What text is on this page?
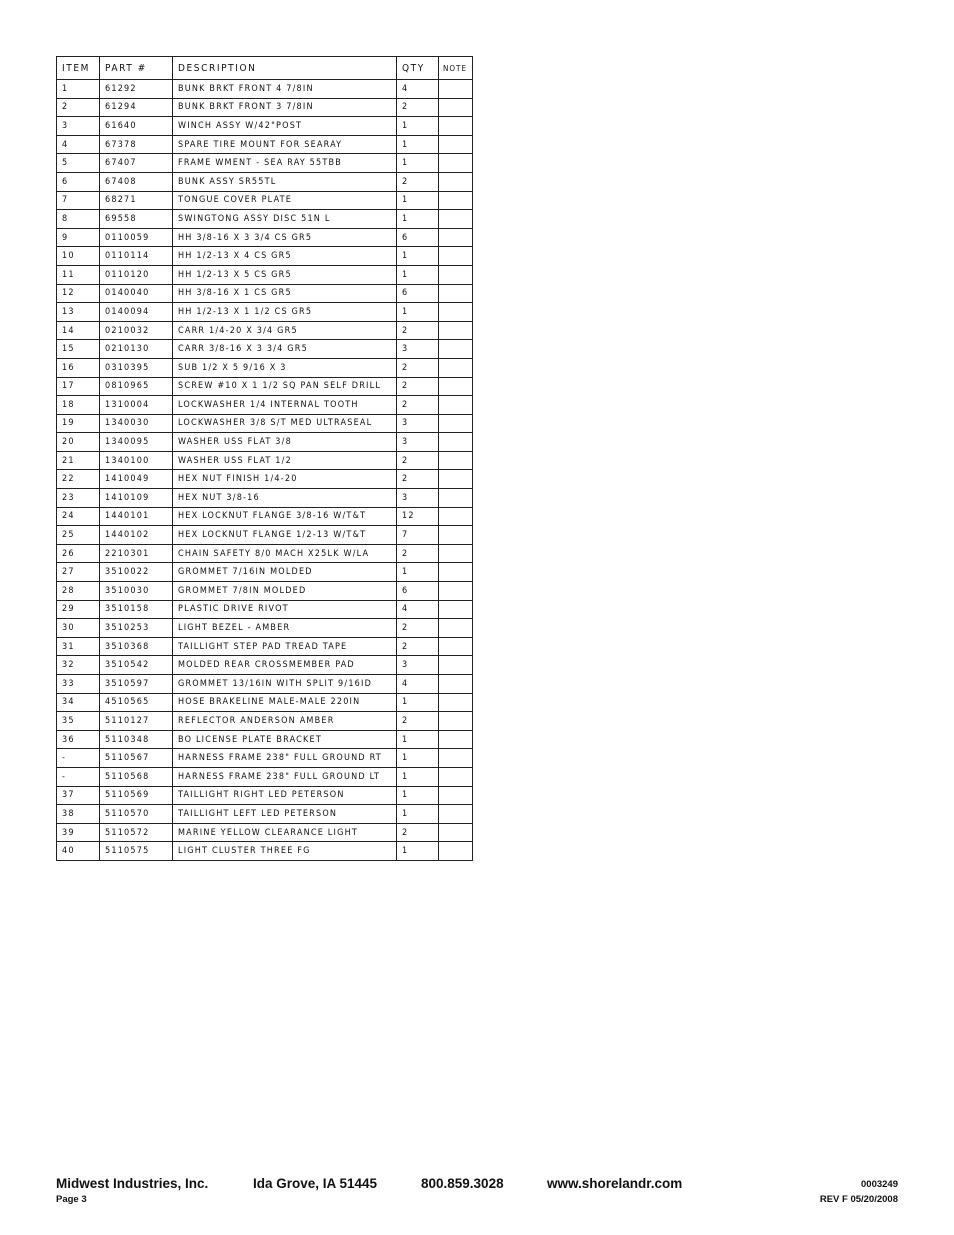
ITEM	PART #	DESCRIPTION	QTY	NOTE
1	61292	BUNK BRKT FRONT 4 7/8IN	4	
2	61294	BUNK BRKT FRONT 3 7/8IN	2	
3	61640	WINCH ASSY W/42"POST	1	
4	67378	SPARE TIRE MOUNT FOR SEARAY	1	
5	67407	FRAME WMENT - SEA RAY 55TBB	1	
6	67408	BUNK ASSY SR55TL	2	
7	68271	TONGUE COVER PLATE	1	
8	69558	SWINGTONG ASSY DISC 51N L	1	
9	0110059	HH 3/8-16 X 3 3/4 CS GR5	6	
10	0110114	HH 1/2-13 X 4 CS GR5	1	
11	0110120	HH 1/2-13 X 5 CS GR5	1	
12	0140040	HH 3/8-16 X 1 CS GR5	6	
13	0140094	HH 1/2-13 X 1 1/2 CS GR5	1	
14	0210032	CARR 1/4-20 X 3/4 GR5	2	
15	0210130	CARR 3/8-16 X 3 3/4 GR5	3	
16	0310395	SUB 1/2 X 5 9/16 X 3	2	
17	0810965	SCREW #10 X 1 1/2 SQ PAN SELF DRILL	2	
18	1310004	LOCKWASHER 1/4 INTERNAL TOOTH	2	
19	1340030	LOCKWASHER 3/8 S/T MED ULTRASEAL	3	
20	1340095	WASHER USS FLAT 3/8	3	
21	1340100	WASHER USS FLAT 1/2	2	
22	1410049	HEX NUT FINISH 1/4-20	2	
23	1410109	HEX NUT 3/8-16	3	
24	1440101	HEX LOCKNUT FLANGE 3/8-16 W/T&T	12	
25	1440102	HEX LOCKNUT FLANGE 1/2-13 W/T&T	7	
26	2210301	CHAIN SAFETY 8/0 MACH X25LK W/LA	2	
27	3510022	GROMMET 7/16IN MOLDED	1	
28	3510030	GROMMET 7/8IN MOLDED	6	
29	3510158	PLASTIC DRIVE RIVOT	4	
30	3510253	LIGHT BEZEL - AMBER	2	
31	3510368	TAILLIGHT STEP PAD TREAD TAPE	2	
32	3510542	MOLDED REAR CROSSMEMBER PAD	3	
33	3510597	GROMMET 13/16IN WITH SPLIT 9/16ID	4	
34	4510565	HOSE BRAKELINE MALE-MALE 220IN	1	
35	5110127	REFLECTOR ANDERSON AMBER	2	
36	5110348	BO LICENSE PLATE BRACKET	1	
-	5110567	HARNESS FRAME 238" FULL GROUND RT	1	
-	5110568	HARNESS FRAME 238" FULL GROUND LT	1	
37	5110569	TAILLIGHT RIGHT LED PETERSON	1	
38	5110570	TAILLIGHT LEFT LED PETERSON	1	
39	5110572	MARINE YELLOW CLEARANCE LIGHT	2	
40	5110575	LIGHT CLUSTER THREE FG	1	
Midwest Industries, Inc.	Ida Grove, IA 51445	800.859.3028	www.shorelandr.com	0003249
Page 3	REV F 05/20/2008
